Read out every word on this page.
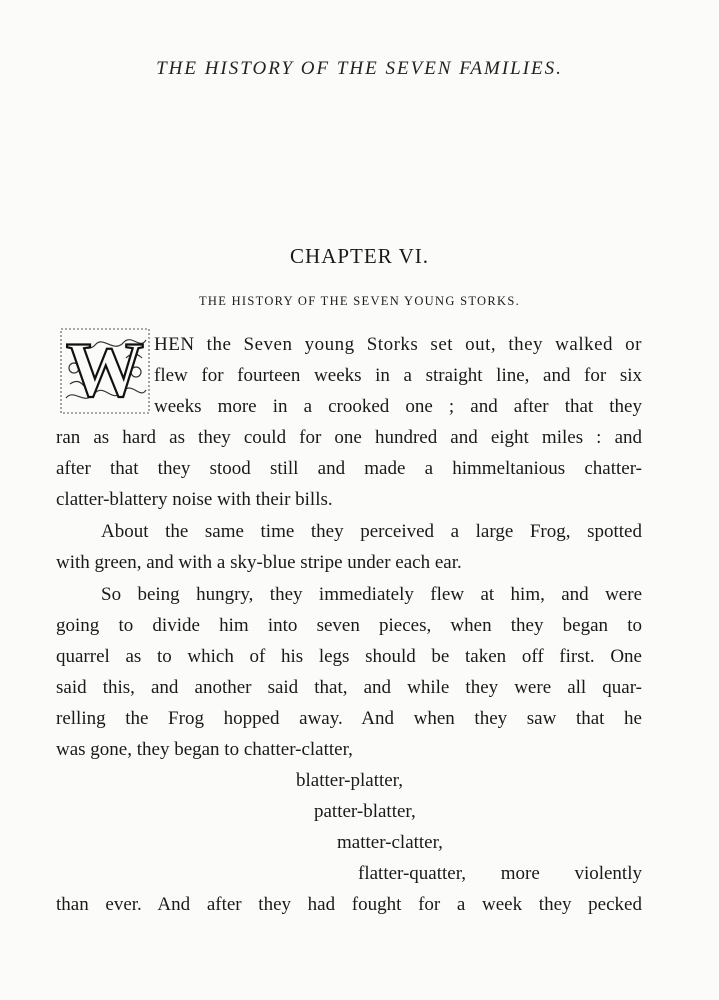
THE HISTORY OF THE SEVEN FAMILIES.
CHAPTER VI.
THE HISTORY OF THE SEVEN YOUNG STORKS.
W HEN the Seven young Storks set out, they walked or
flew for fourteen weeks in a straight line, and for six
weeks more in a crooked one ; and after that they
ran as hard as they could for one hundred and eight miles : and
after that they stood still and made a himmeltanious chatter-
clatter-blattery noise with their bills.
About the same time they perceived a large Frog, spotted
with green, and with a sky-blue stripe under each ear.
So being hungry, they immediately flew at him, and were
going to divide him into seven pieces, when they began to
quarrel as to which of his legs should be taken off first. One
said this, and another said that, and while they were all quar-
relling the Frog hopped away. And when they saw that he
was gone, they began to chatter-clatter,
blatter-platter,
patter-blatter,
matter-clatter,
flatter-quatter, more violently
than ever. And after they had fought for a week they pecked
